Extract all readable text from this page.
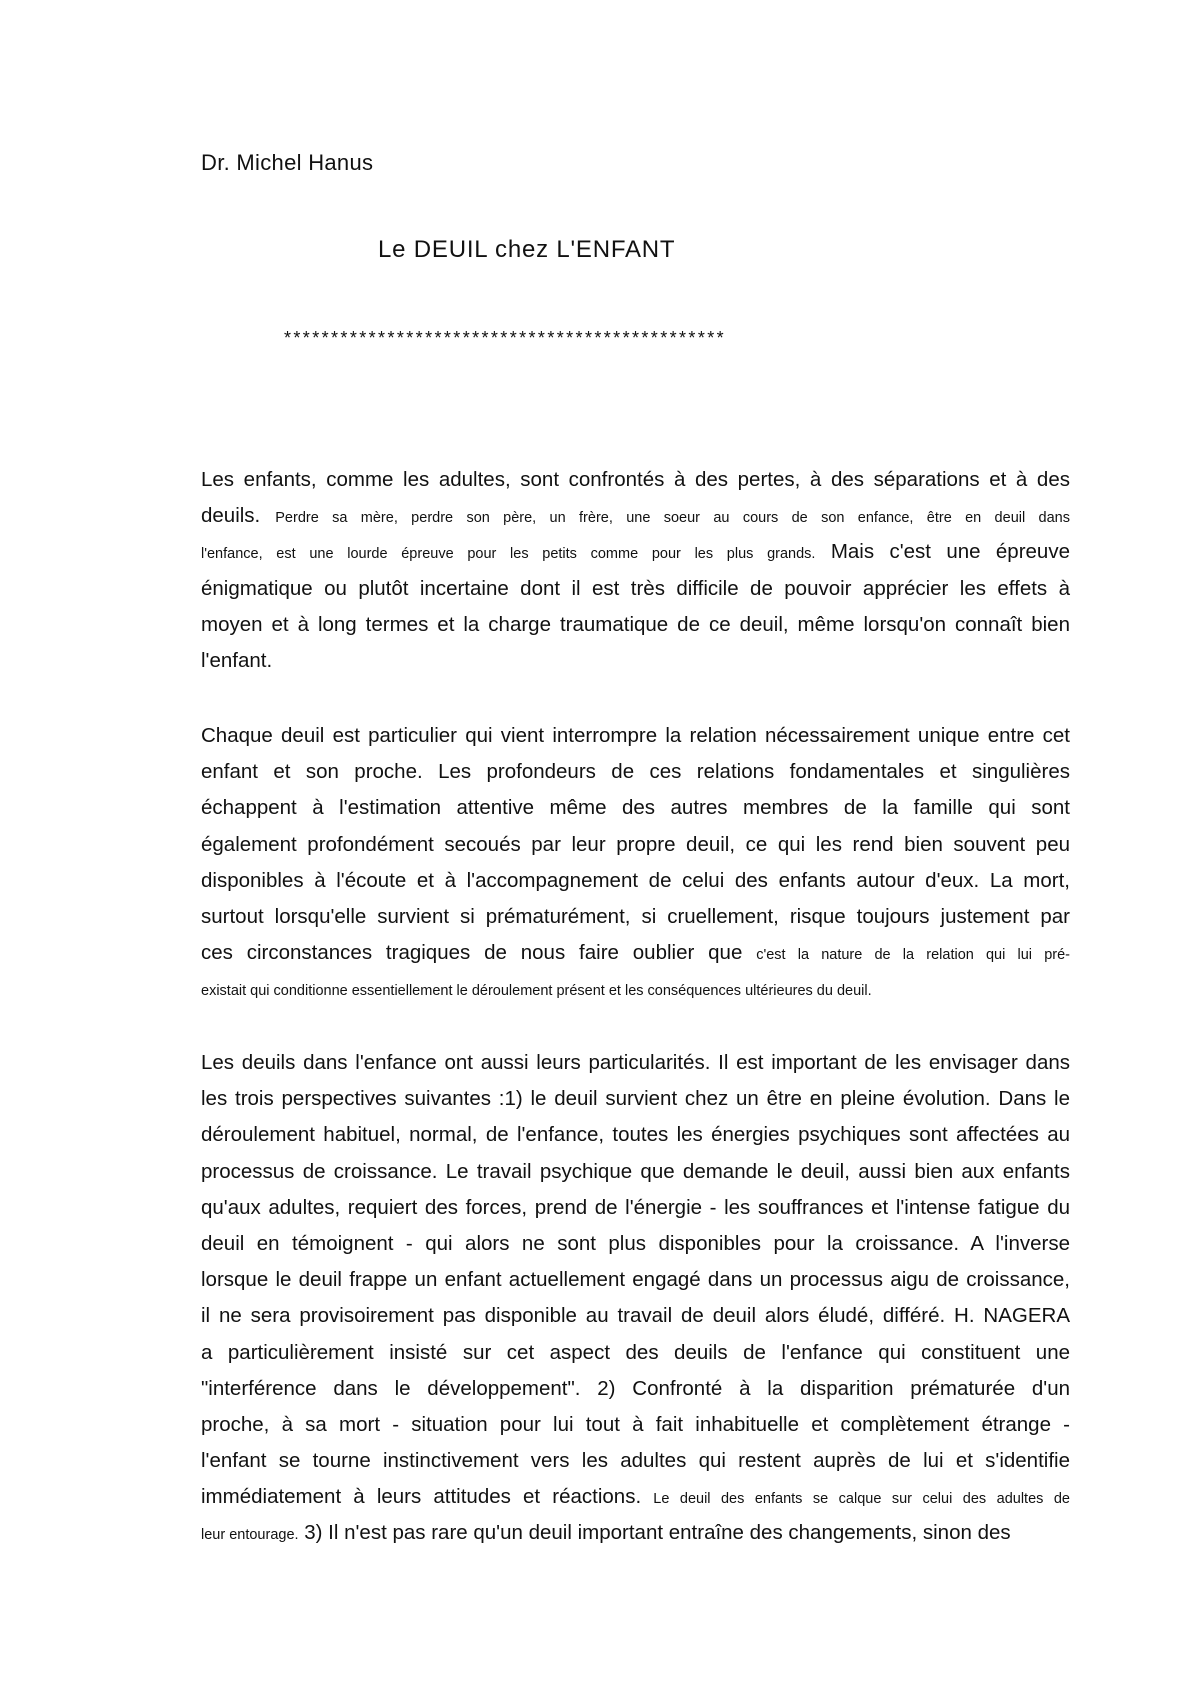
Dr. Michel Hanus
Le DEUIL chez L'ENFANT
***********************************************
Les enfants, comme les adultes, sont confrontés à des pertes, à des séparations et à des
deuils. Perdre sa mère, perdre son père, un frère, une soeur au cours de son enfance, être en deuil dans
l'enfance, est une lourde épreuve pour les petits comme pour les plus grands. Mais c'est une épreuve
énigmatique ou plutôt incertaine dont il est très difficile de pouvoir apprécier les effets à
moyen et à long termes et la charge traumatique de ce deuil, même lorsqu'on connaît bien
l'enfant.
Chaque deuil est particulier qui vient interrompre la relation nécessairement unique entre cet
enfant et son proche. Les profondeurs de ces relations fondamentales et singulières
échappent à l'estimation attentive même des autres membres de la famille qui sont
également profondément secoués par leur propre deuil, ce qui les rend bien souvent peu
disponibles à l'écoute et à l'accompagnement de celui des enfants autour d'eux. La mort,
surtout lorsqu'elle survient si prématurément, si cruellement, risque toujours justement par
ces circonstances tragiques de nous faire oublier que c'est la nature de la relation qui lui pré-
existait qui conditionne essentiellement le déroulement présent et les conséquences ultérieures du deuil.
Les deuils dans l'enfance ont aussi leurs particularités. Il est important de les envisager dans
les trois perspectives suivantes :1) le deuil survient chez un être en pleine évolution. Dans le
déroulement habituel, normal, de l'enfance, toutes les énergies psychiques sont affectées au
processus de croissance. Le travail psychique que demande le deuil, aussi bien aux enfants
qu'aux adultes, requiert des forces, prend de l'énergie - les souffrances et l'intense fatigue du
deuil en témoignent - qui alors ne sont plus disponibles pour la croissance. A l'inverse
lorsque le deuil frappe un enfant actuellement engagé dans un processus aigu de croissance,
il ne sera provisoirement pas disponible au travail de deuil alors éludé, différé. H. NAGERA
a particulièrement insisté sur cet aspect des deuils de l'enfance qui constituent une
"interférence dans le développement". 2) Confronté à la disparition prématurée d'un
proche, à sa mort - situation pour lui tout à fait inhabituelle et complètement étrange -
l'enfant se tourne instinctivement vers les adultes qui restent auprès de lui et s'identifie
immédiatement à leurs attitudes et réactions. Le deuil des enfants se calque sur celui des adultes de
leur entourage. 3) Il n'est pas rare qu'un deuil important entraîne des changements, sinon des
